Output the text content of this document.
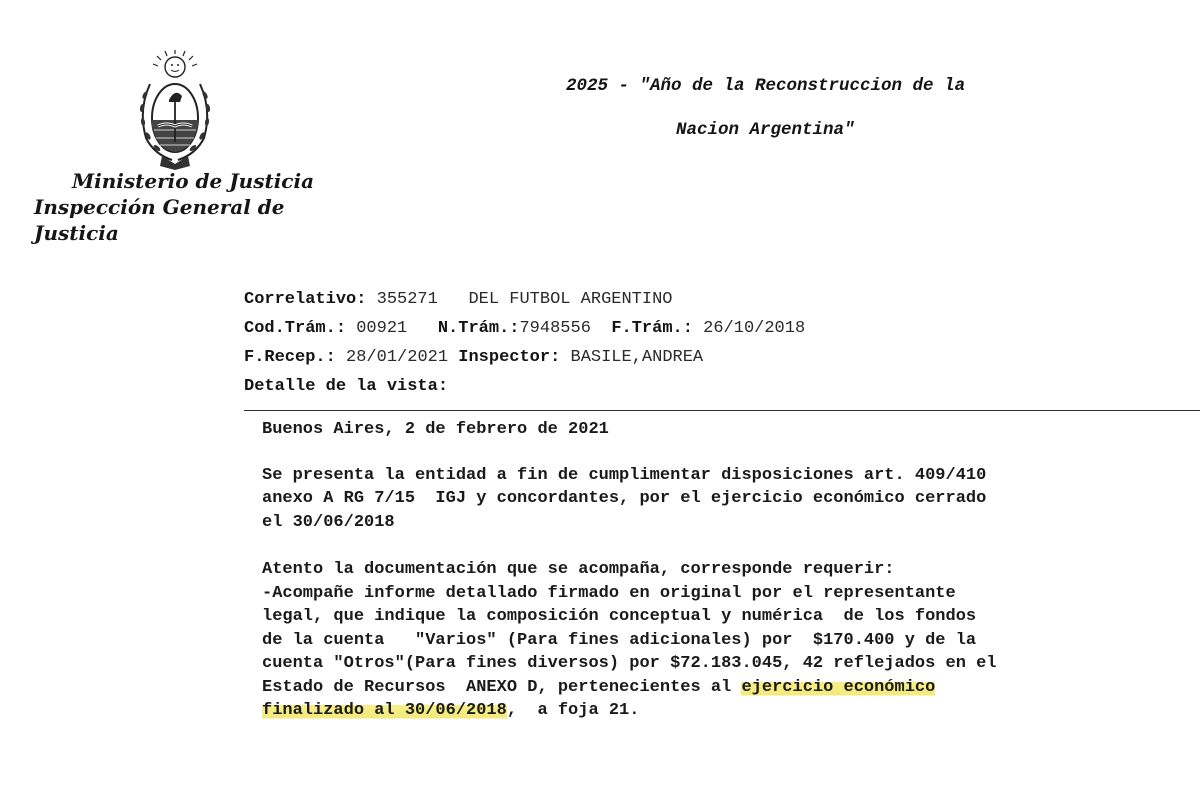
Ministerio de Justicia
Inspección General de Justicia
2025 - "Año de la Reconstruccion de la
Nacion Argentina"
Correlativo: 355271 DEL FUTBOL ARGENTINO
Cod.Trám.: 00921 N.Trám.:7948556 F.Trám.: 26/10/2018
F.Recep.: 28/01/2021 Inspector: BASILE,ANDREA
Detalle de la vista:

Buenos Aires, 2 de febrero de 2021

Se presenta la entidad a fin de cumplimentar disposiciones art. 409/410

anexo A RG 7/15  IGJ y concordantes, por el ejercicio económico cerrado

el 30/06/2018

Atento la documentación que se acompaña, corresponde requerir:

-Acompañe informe detallado firmado en original por el representante

legal, que indique la composición conceptual y numérica  de los fondos

de la cuenta   "Varios" (Para fines adicionales) por  $170.400 y de la

cuenta "Otros"(Para fines diversos) por $72.183.045, 42 reflejados en el

Estado de Recursos  ANEXO D, pertenecientes al ejercicio económico

finalizado al 30/06/2018,  a foja 21.
